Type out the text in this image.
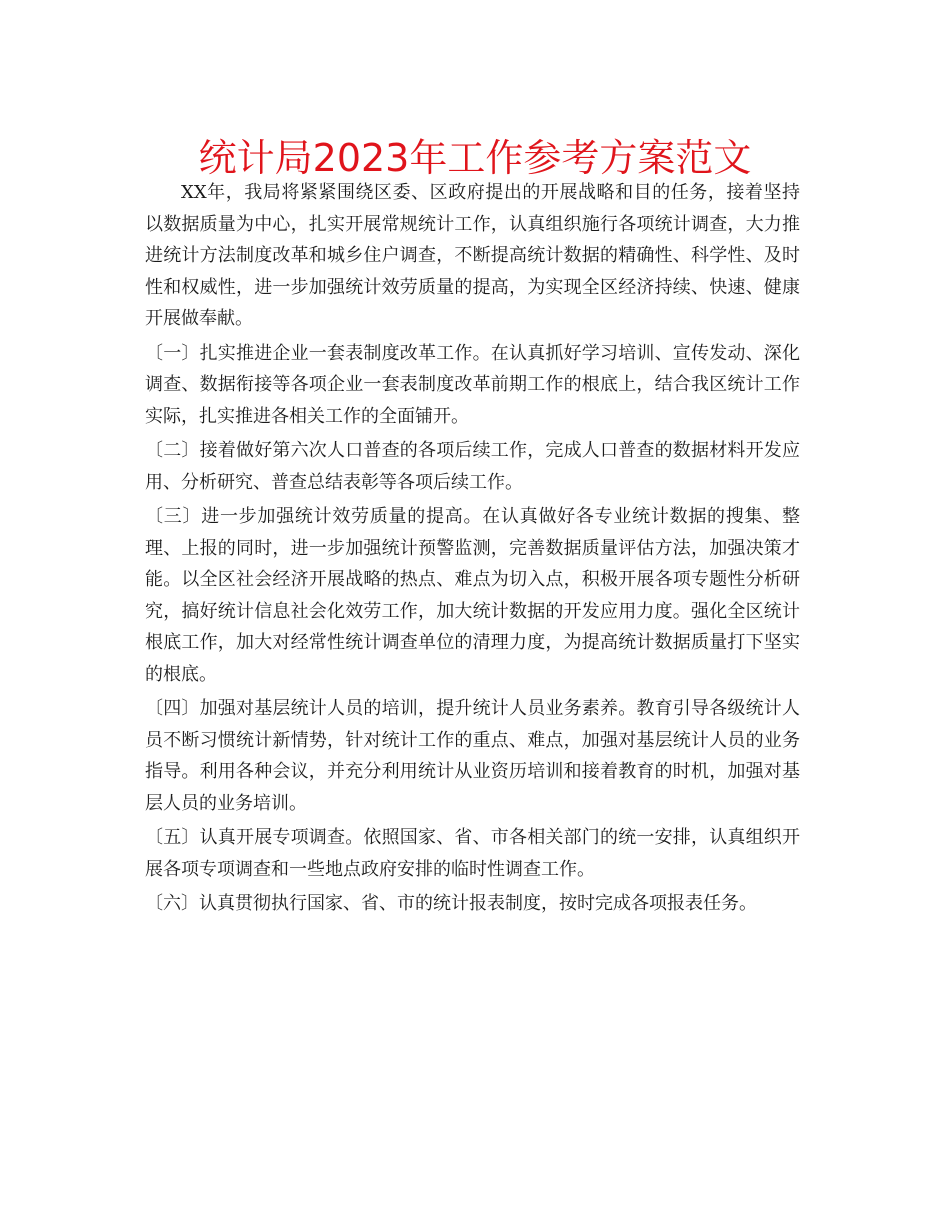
统计局2023年工作参考方案范文

XX年，我局将紧紧围绕区委、区政府提出的开展战略和目的任务，接着坚持以数据质量为中心，扎实开展常规统计工作，认真组织施行各项统计调查，大力推进统计方法制度改革和城乡住户调查，不断提高统计数据的精确性、科学性、及时性和权威性，进一步加强统计效劳质量的提高，为实现全区经济持续、快速、健康开展做奉献。

〔一〕扎实推进企业一套表制度改革工作。在认真抓好学习培训、宣传发动、深化调查、数据衔接等各项企业一套表制度改革前期工作的根底上，结合我区统计工作实际，扎实推进各相关工作的全面铺开。

〔二〕接着做好第六次人口普查的各项后续工作，完成人口普查的数据材料开发应用、分析研究、普查总结表彰等各项后续工作。

〔三〕进一步加强统计效劳质量的提高。在认真做好各专业统计数据的搜集、整理、上报的同时，进一步加强统计预警监测，完善数据质量评估方法，加强决策才能。以全区社会经济开展战略的热点、难点为切入点，积极开展各项专题性分析研究，搞好统计信息社会化效劳工作，加大统计数据的开发应用力度。强化全区统计根底工作，加大对经常性统计调查单位的清理力度，为提高统计数据质量打下坚实的根底。

〔四〕加强对基层统计人员的培训，提升统计人员业务素养。教育引导各级统计人员不断习惯统计新情势，针对统计工作的重点、难点，加强对基层统计人员的业务指导。利用各种会议，并充分利用统计从业资历培训和接着教育的时机，加强对基层人员的业务培训。

〔五〕认真开展专项调查。依照国家、省、市各相关部门的统一安排，认真组织开展各项专项调查和一些地点政府安排的临时性调查工作。

〔六〕认真贯彻执行国家、省、市的统计报表制度，按时完成各项报表任务。
